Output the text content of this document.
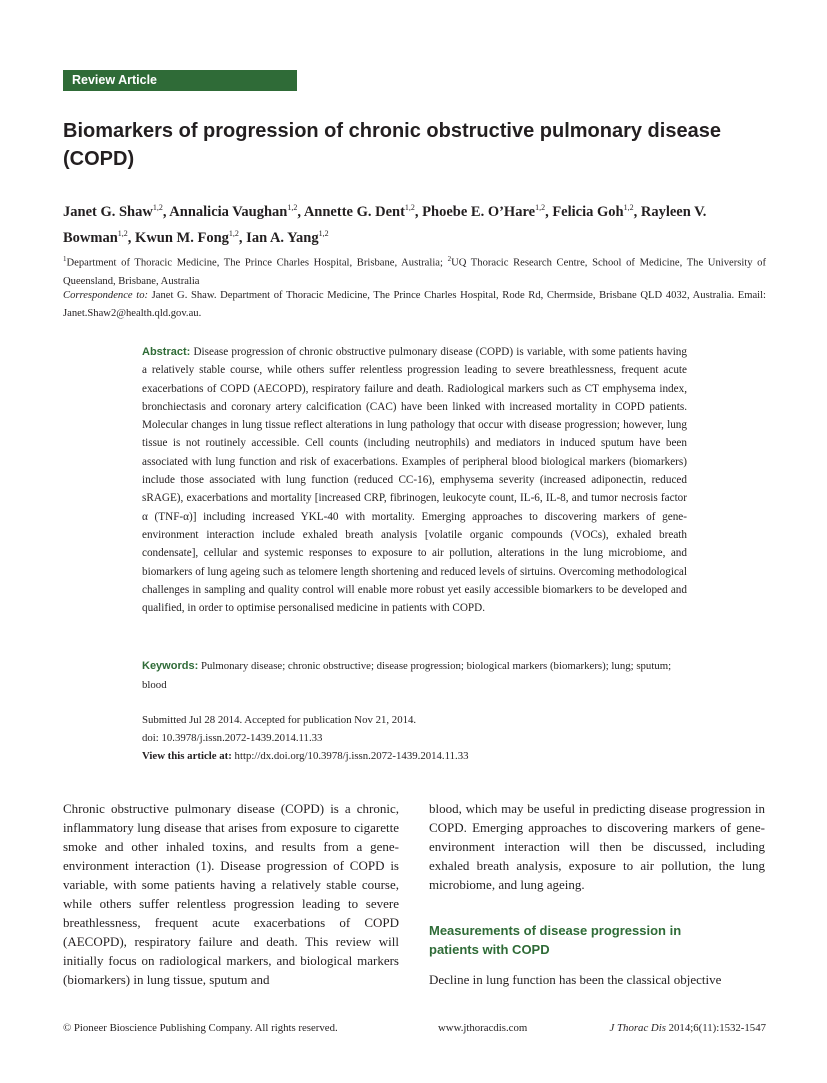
Review Article
Biomarkers of progression of chronic obstructive pulmonary disease (COPD)
Janet G. Shaw$^{1,2}$, Annalicia Vaughan$^{1,2}$, Annette G. Dent$^{1,2}$, Phoebe E. O’Hare$^{1,2}$, Felicia Goh$^{1,2}$, Rayleen V. Bowman$^{1,2}$, Kwun M. Fong$^{1,2}$, Ian A. Yang$^{1,2}$
$^1$Department of Thoracic Medicine, The Prince Charles Hospital, Brisbane, Australia; $^2$UQ Thoracic Research Centre, School of Medicine, The University of Queensland, Brisbane, Australia
Correspondence to: Janet G. Shaw. Department of Thoracic Medicine, The Prince Charles Hospital, Rode Rd, Chermside, Brisbane QLD 4032, Australia. Email: Janet.Shaw2@health.qld.gov.au.
Abstract: Disease progression of chronic obstructive pulmonary disease (COPD) is variable, with some patients having a relatively stable course, while others suffer relentless progression leading to severe breathlessness, frequent acute exacerbations of COPD (AECOPD), respiratory failure and death. Radiological markers such as CT emphysema index, bronchiectasis and coronary artery calcification (CAC) have been linked with increased mortality in COPD patients. Molecular changes in lung tissue reflect alterations in lung pathology that occur with disease progression; however, lung tissue is not routinely accessible. Cell counts (including neutrophils) and mediators in induced sputum have been associated with lung function and risk of exacerbations. Examples of peripheral blood biological markers (biomarkers) include those associated with lung function (reduced CC-16), emphysema severity (increased adiponectin, reduced sRAGE), exacerbations and mortality [increased CRP, fibrinogen, leukocyte count, IL-6, IL-8, and tumor necrosis factor α (TNF-α)] including increased YKL-40 with mortality. Emerging approaches to discovering markers of gene-environment interaction include exhaled breath analysis [volatile organic compounds (VOCs), exhaled breath condensate], cellular and systemic responses to exposure to air pollution, alterations in the lung microbiome, and biomarkers of lung ageing such as telomere length shortening and reduced levels of sirtuins. Overcoming methodological challenges in sampling and quality control will enable more robust yet easily accessible biomarkers to be developed and qualified, in order to optimise personalised medicine in patients with COPD.
Keywords: Pulmonary disease; chronic obstructive; disease progression; biological markers (biomarkers); lung; sputum; blood
Submitted Jul 28 2014. Accepted for publication Nov 21, 2014.
doi: 10.3978/j.issn.2072-1439.2014.11.33
View this article at: http://dx.doi.org/10.3978/j.issn.2072-1439.2014.11.33
Chronic obstructive pulmonary disease (COPD) is a chronic, inflammatory lung disease that arises from exposure to cigarette smoke and other inhaled toxins, and results from a gene-environment interaction (1). Disease progression of COPD is variable, with some patients having a relatively stable course, while others suffer relentless progression leading to severe breathlessness, frequent acute exacerbations of COPD (AECOPD), respiratory failure and death. This review will initially focus on radiological markers, and biological markers (biomarkers) in lung tissue, sputum and
blood, which may be useful in predicting disease progression in COPD. Emerging approaches to discovering markers of gene-environment interaction will then be discussed, including exhaled breath analysis, exposure to air pollution, the lung microbiome, and lung ageing.
Measurements of disease progression in patients with COPD
Decline in lung function has been the classical objective
© Pioneer Bioscience Publishing Company. All rights reserved.	www.jthoracdis.com	J Thorac Dis 2014;6(11):1532-1547
